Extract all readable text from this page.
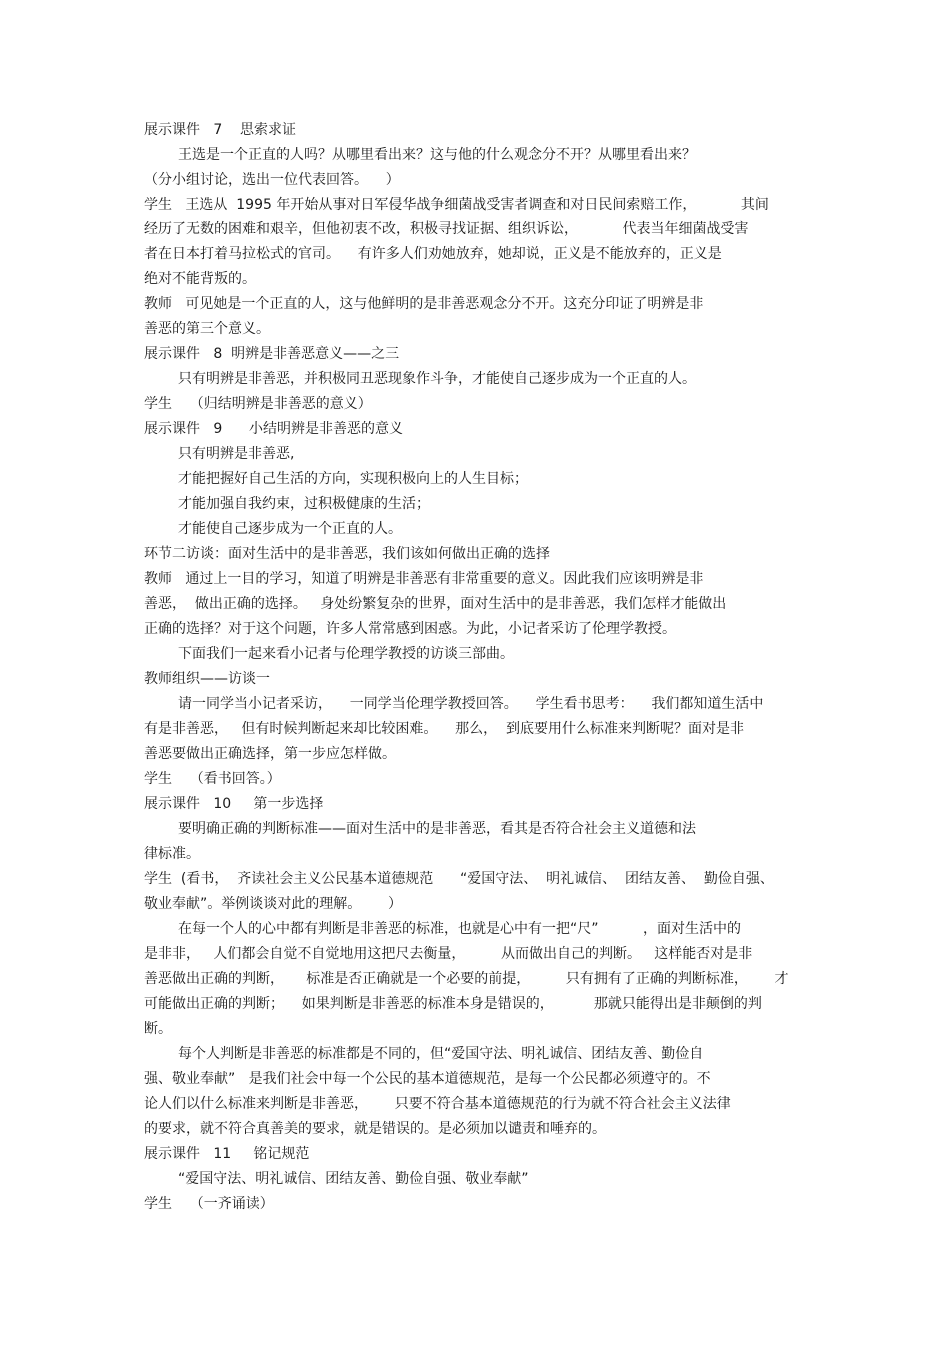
展示课件   7    思索求证
王选是一个正直的人吗？从哪里看出来？这与他的什么观念分不开？从哪里看出来？
（分小组讨论，选出一位代表回答。    ）
学生   王选从  1995 年开始从事对日军侵华战争细菌战受害者调查和对日民间索赔工作，          其间
经历了无数的困难和艰辛，但他初衷不改，积极寻找证据、组织诉讼，          代表当年细菌战受害
者在日本打着马拉松式的官司。    有许多人们劝她放弃，她却说，正义是不能放弃的，正义是
绝对不能背叛的。
教师   可见她是一个正直的人，这与他鲜明的是非善恶观念分不开。这充分印证了明辨是非
善恶的第三个意义。
展示课件   8  明辨是非善恶意义——之三
只有明辨是非善恶，并积极同丑恶现象作斗争，才能使自己逐步成为一个正直的人。
学生    （归结明辨是非善恶的意义）
展示课件   9      小结明辨是非善恶的意义
只有明辨是非善恶,
才能把握好自己生活的方向，实现积极向上的人生目标；
才能加强自我约束，过积极健康的生活；
才能使自己逐步成为一个正直的人。
环节二访谈：面对生活中的是非善恶，我们该如何做出正确的选择
教师   通过上一目的学习，知道了明辨是非善恶有非常重要的意义。因此我们应该明辨是非
善恶，  做出正确的选择。   身处纷繁复杂的世界，面对生活中的是非善恶，我们怎样才能做出
正确的选择？对于这个问题，许多人常常感到困惑。为此，小记者采访了伦理学教授。
下面我们一起来看小记者与伦理学教授的访谈三部曲。
教师组织——访谈一
请一同学当小记者采访，    一同学当伦理学教授回答。    学生看书思考：    我们都知道生活中
有是非善恶，   但有时候判断起来却比较困难。    那么，  到底要用什么标准来判断呢？面对是非
善恶要做出正确选择，第一步应怎样做。
学生    （看书回答。）
展示课件   10     第一步选择
要明确正确的判断标准——面对生活中的是非善恶，看其是否符合社会主义道德和法
律标准。
学生  (看书，  齐读社会主义公民基本道德规范      “爱国守法、  明礼诚信、  团结友善、  勤俭自强、
敬业奉献”。举例谈谈对此的理解。      ）
在每一个人的心中都有判断是非善恶的标准，也就是心中有一把“尺”          ，面对生活中的
是非非，   人们都会自觉不自觉地用这把尺去衡量，        从而做出自己的判断。   这样能否对是非
善恶做出正确的判断，     标准是否正确就是一个必要的前提，        只有拥有了正确的判断标准，      才
可能做出正确的判断；    如果判断是非善恶的标准本身是错误的，         那就只能得出是非颠倒的判
断。
每个人判断是非善恶的标准都是不同的，但“爱国守法、明礼诚信、团结友善、勤俭自
强、敬业奉献”   是我们社会中每一个公民的基本道德规范，是每一个公民都必须遵守的。不
论人们以什么标准来判断是非善恶，      只要不符合基本道德规范的行为就不符合社会主义法律
的要求，就不符合真善美的要求，就是错误的。是必须加以谴责和唾弃的。
展示课件   11     铭记规范
“爱国守法、明礼诚信、团结友善、勤俭自强、敬业奉献”
学生    （一齐诵读）
